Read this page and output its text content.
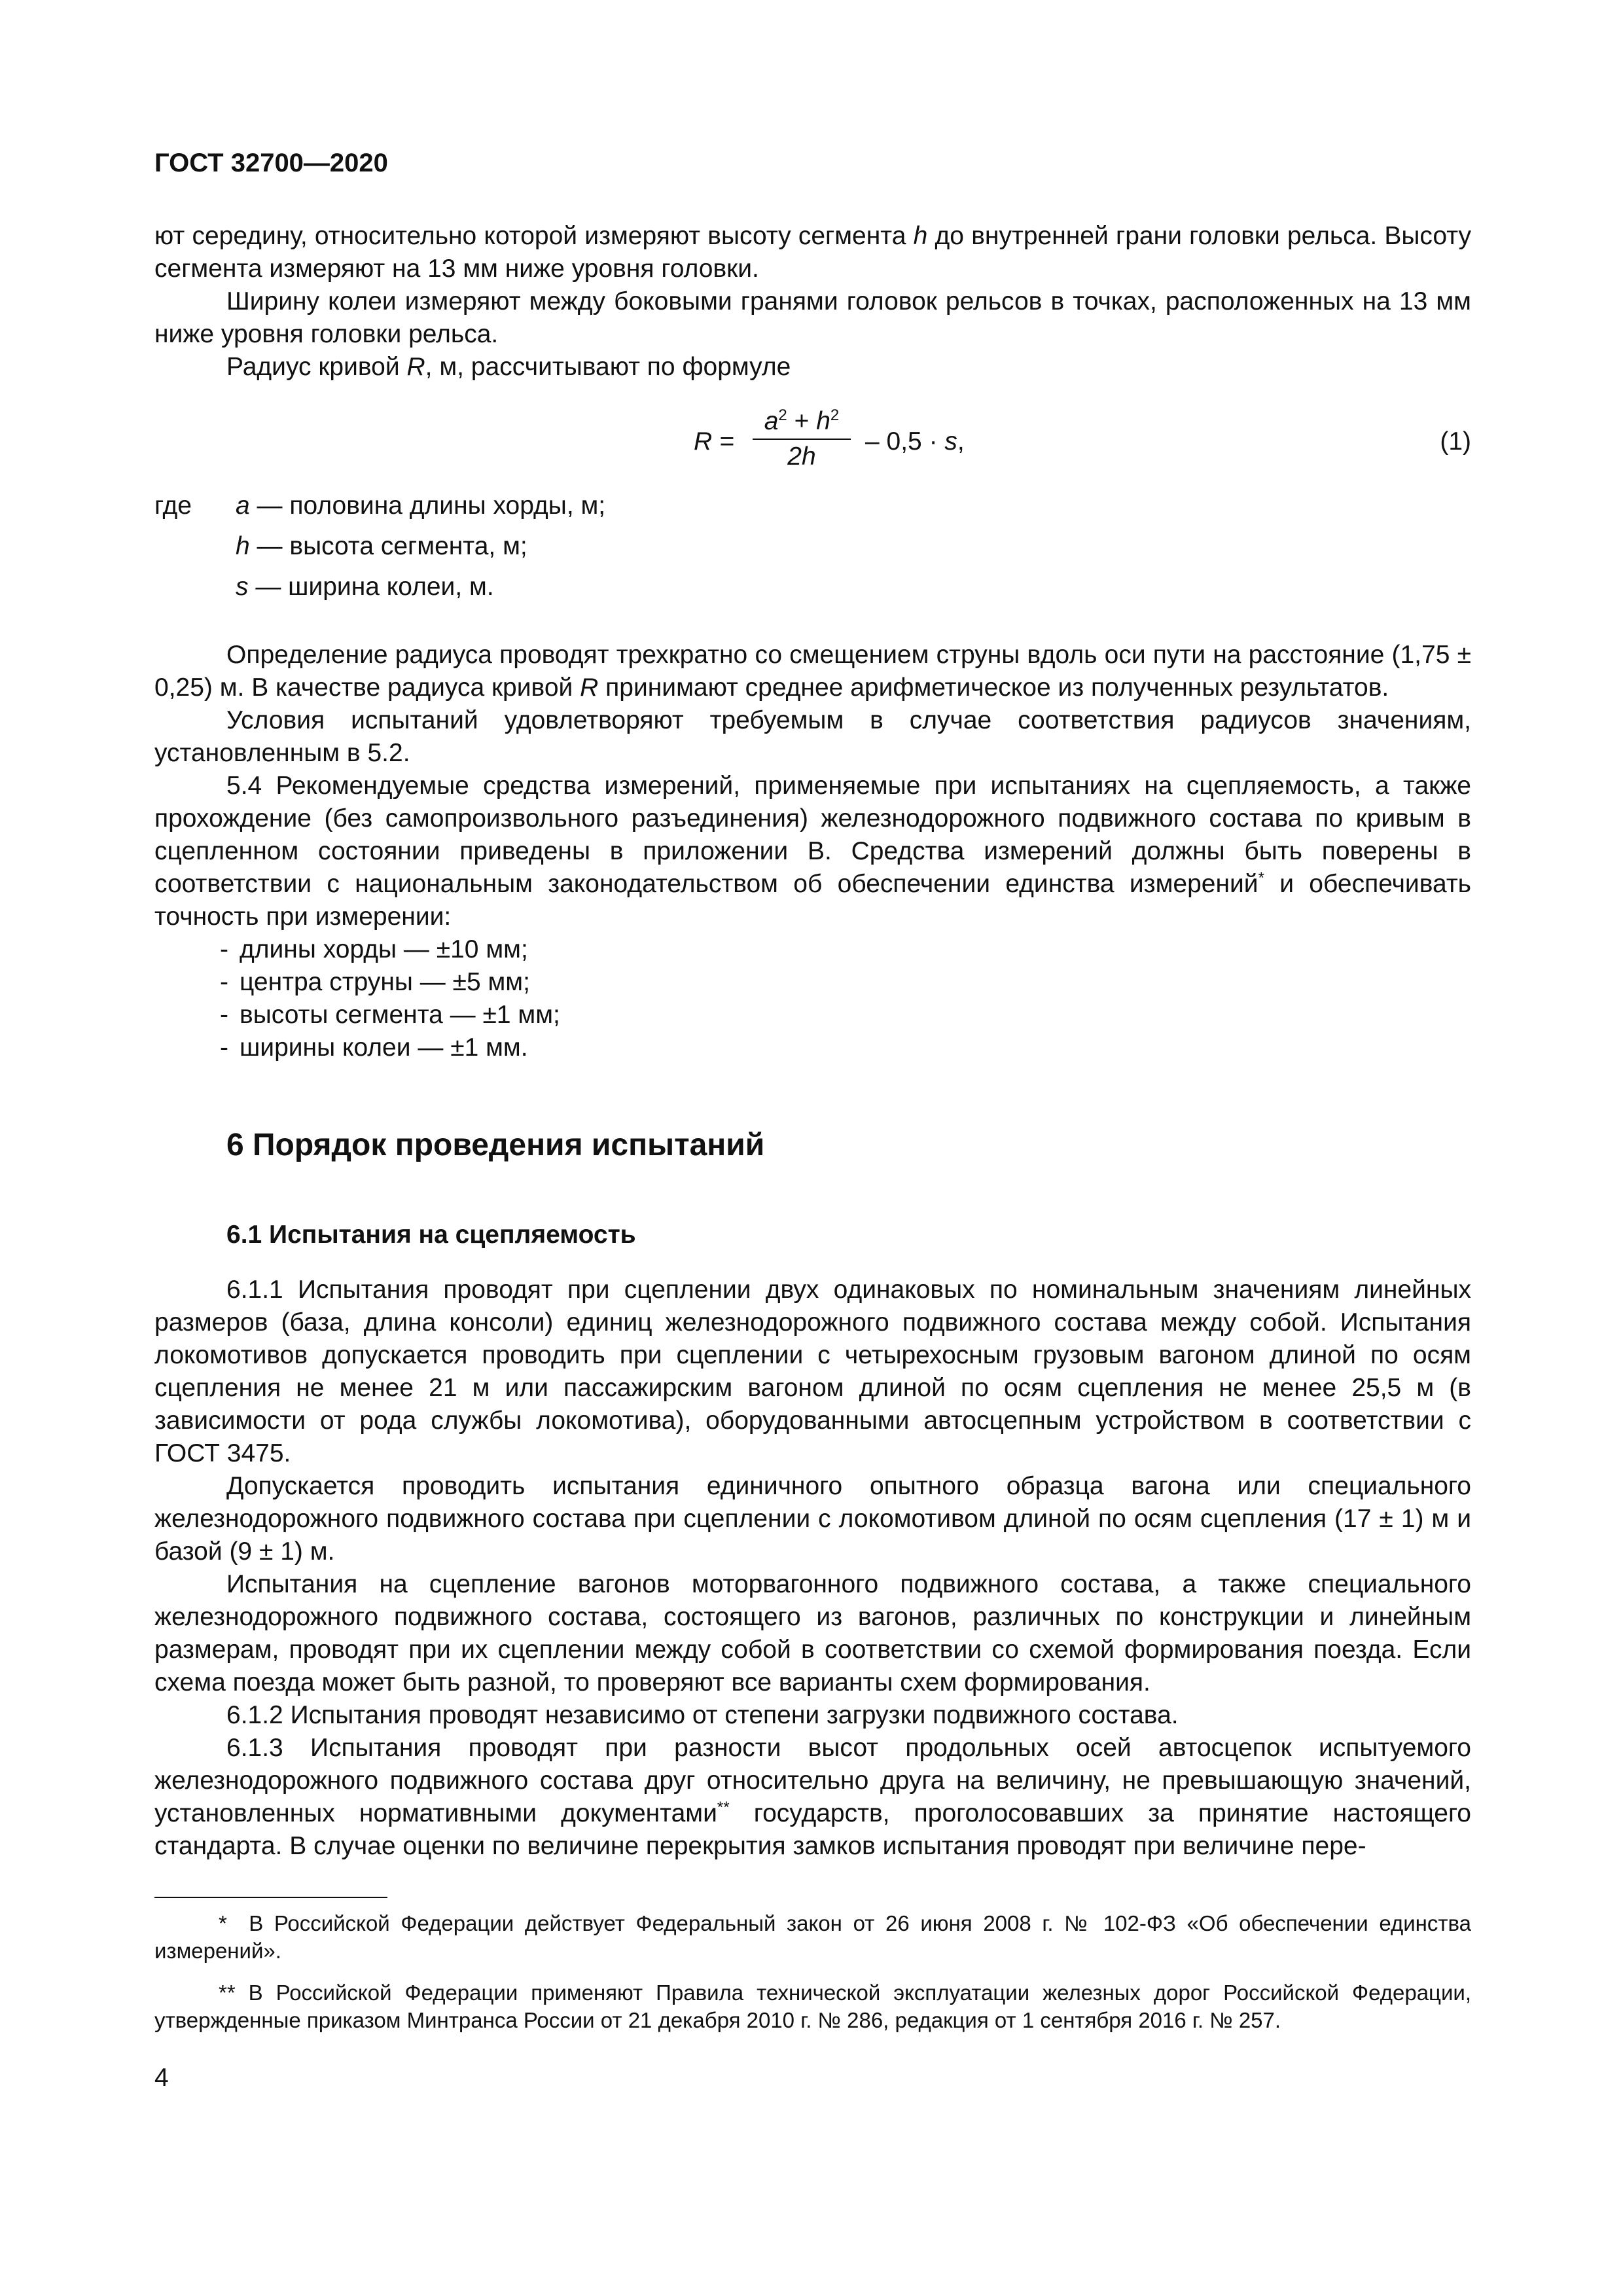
ГОСТ 32700—2020

ют середину, относительно которой измеряют высоту сегмента h до внутренней грани головки рельса. Высоту сегмента измеряют на 13 мм ниже уровня головки.

Ширину колеи измеряют между боковыми гранями головок рельсов в точках, расположенных на 13 мм ниже уровня головки рельса.

Радиус кривой R, м, рассчитывают по формуле

R =
$a^2 + h^2$
2h
– 0,5 · s,	(1)
где a — половина длины хорды, м;
h — высота сегмента, м;
s — ширина колеи, м.

Определение радиуса проводят трехкратно со смещением струны вдоль оси пути на расстояние (1,75 ± 0,25) м. В качестве радиуса кривой R принимают среднее арифметическое из полученных результатов.

Условия испытаний удовлетворяют требуемым в случае соответствия радиусов значениям, установленным в 5.2.

5.4 Рекомендуемые средства измерений, применяемые при испытаниях на сцепляемость, а также прохождение (без самопроизвольного разъединения) железнодорожного подвижного состава по кривым в сцепленном состоянии приведены в приложении В. Средства измерений должны быть поверены в соответствии с национальным законодательством об обеспечении единства измерений* и обеспечивать точность при измерении:

- длины хорды — ±10 мм;
- центра струны — ±5 мм;
- высоты сегмента — ±1 мм;
- ширины колеи — ±1 мм.
6 Порядок проведения испытаний
6.1 Испытания на сцепляемость

6.1.1 Испытания проводят при сцеплении двух одинаковых по номинальным значениям линейных размеров (база, длина консоли) единиц железнодорожного подвижного состава между собой. Испытания локомотивов допускается проводить при сцеплении с четырехосным грузовым вагоном длиной по осям сцепления не менее 21 м или пассажирским вагоном длиной по осям сцепления не менее 25,5 м (в зависимости от рода службы локомотива), оборудованными автосцепным устройством в соответствии с ГОСТ 3475.

Допускается проводить испытания единичного опытного образца вагона или специального железнодорожного подвижного состава при сцеплении с локомотивом длиной по осям сцепления (17 ± 1) м и базой (9 ± 1) м.

Испытания на сцепление вагонов моторвагонного подвижного состава, а также специального железнодорожного подвижного состава, состоящего из вагонов, различных по конструкции и линейным размерам, проводят при их сцеплении между собой в соответствии со схемой формирования поезда. Если схема поезда может быть разной, то проверяют все варианты схем формирования.

6.1.2 Испытания проводят независимо от степени загрузки подвижного состава.

6.1.3 Испытания проводят при разности высот продольных осей автосцепок испытуемого железнодорожного подвижного состава друг относительно друга на величину, не превышающую значений, установленных нормативными документами** государств, проголосовавших за принятие настоящего стандарта. В случае оценки по величине перекрытия замков испытания проводят при величине пере-

* В Российской Федерации действует Федеральный закон от 26 июня 2008 г. № 102-ФЗ «Об обеспечении единства измерений».

** В Российской Федерации применяют Правила технической эксплуатации железных дорог Российской Федерации, утвержденные приказом Минтранса России от 21 декабря 2010 г. № 286, редакция от 1 сентября 2016 г. № 257.

4
